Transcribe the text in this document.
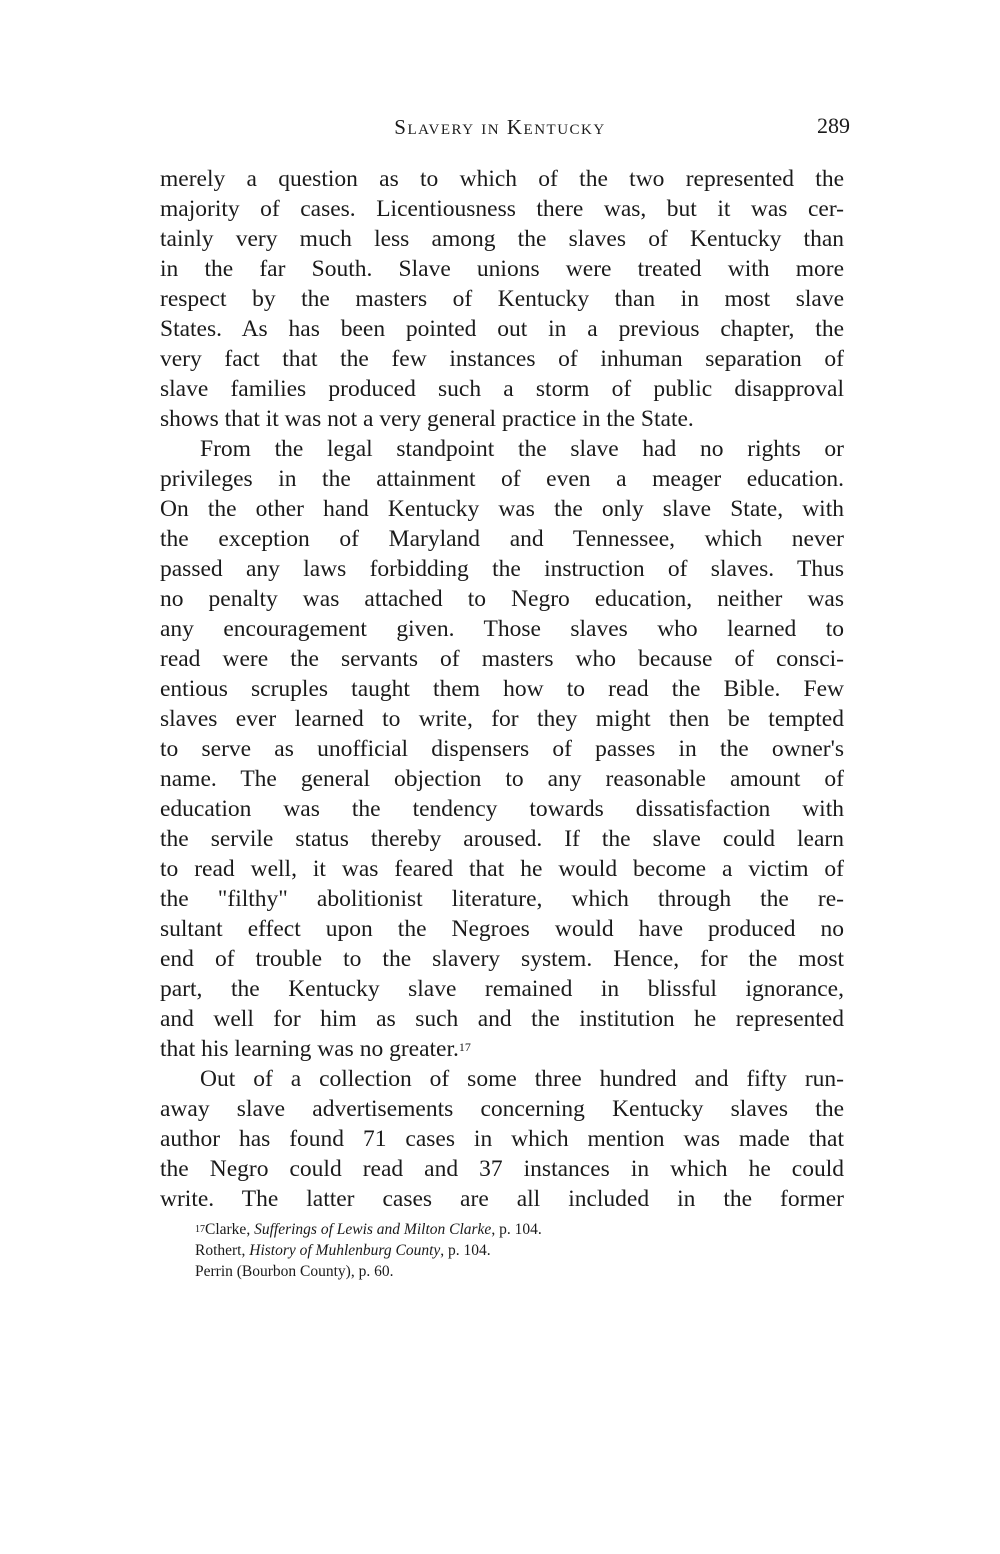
Slavery in Kentucky	289
merely a question as to which of the two represented the
majority of cases. Licentiousness there was, but it was cer-
tainly very much less among the slaves of Kentucky than
in the far South. Slave unions were treated with more
respect by the masters of Kentucky than in most slave
States. As has been pointed out in a previous chapter, the
very fact that the few instances of inhuman separation of
slave families produced such a storm of public disapproval
shows that it was not a very general practice in the State.
From the legal standpoint the slave had no rights or
privileges in the attainment of even a meager education.
On the other hand Kentucky was the only slave State, with
the exception of Maryland and Tennessee, which never
passed any laws forbidding the instruction of slaves. Thus
no penalty was attached to Negro education, neither was
any encouragement given. Those slaves who learned to
read were the servants of masters who because of consci-
entious scruples taught them how to read the Bible. Few
slaves ever learned to write, for they might then be tempted
to serve as unofficial dispensers of passes in the owner's
name. The general objection to any reasonable amount of
education was the tendency towards dissatisfaction with
the servile status thereby aroused. If the slave could learn
to read well, it was feared that he would become a victim of
the "filthy" abolitionist literature, which through the re-
sultant effect upon the Negroes would have produced no
end of trouble to the slavery system. Hence, for the most
part, the Kentucky slave remained in blissful ignorance,
and well for him as such and the institution he represented
that his learning was no greater.$^{17}$
Out of a collection of some three hundred and fifty run-
away slave advertisements concerning Kentucky slaves the
author has found 71 cases in which mention was made that
the Negro could read and 37 instances in which he could
write. The latter cases are all included in the former
$^{17}$Clarke, Sufferings of Lewis and Milton Clarke, p. 104.
Rothert, History of Muhlenburg County, p. 104.
Perrin (Bourbon County), p. 60.
